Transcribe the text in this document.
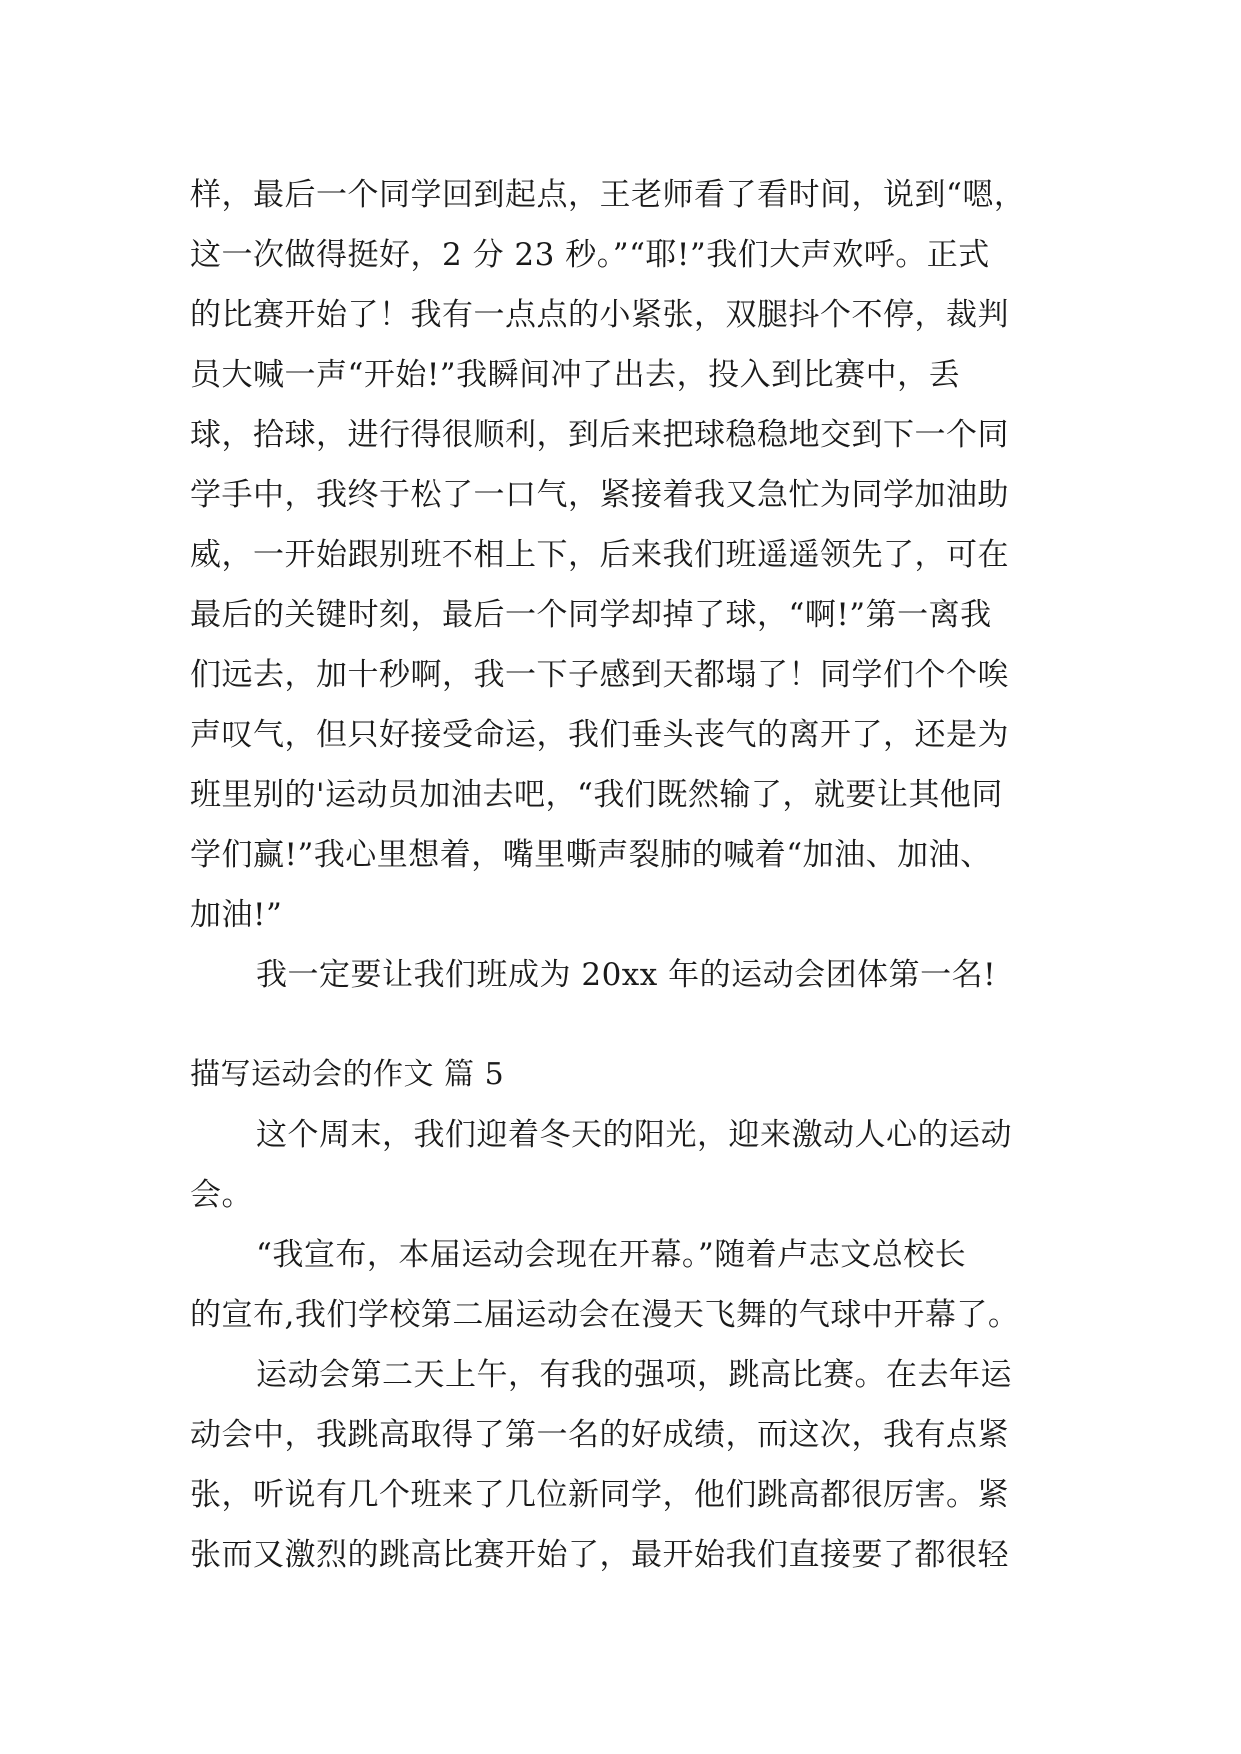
样，最后一个同学回到起点，王老师看了看时间，说到“嗯，
这一次做得挺好，2 分 23 秒。”“耶!”我们大声欢呼。正式
的比赛开始了！我有一点点的小紧张，双腿抖个不停，裁判
员大喊一声“开始!”我瞬间冲了出去，投入到比赛中，丢
球，拾球，进行得很顺利，到后来把球稳稳地交到下一个同
学手中，我终于松了一口气，紧接着我又急忙为同学加油助
威，一开始跟别班不相上下，后来我们班遥遥领先了，可在
最后的关键时刻，最后一个同学却掉了球，“啊!”第一离我
们远去，加十秒啊，我一下子感到天都塌了！同学们个个唉
声叹气，但只好接受命运，我们垂头丧气的离开了，还是为
班里别的'运动员加油去吧，“我们既然输了，就要让其他同
学们赢!”我心里想着，嘴里嘶声裂肺的喊着“加油、加油、
加油!”
我一定要让我们班成为 20xx 年的运动会团体第一名!
描写运动会的作文 篇 5
这个周末，我们迎着冬天的阳光，迎来激动人心的运动
会。
“我宣布，本届运动会现在开幕。”随着卢志文总校长
的宣布,我们学校第二届运动会在漫天飞舞的气球中开幕了。
运动会第二天上午，有我的强项，跳高比赛。在去年运
动会中，我跳高取得了第一名的好成绩，而这次，我有点紧
张，听说有几个班来了几位新同学，他们跳高都很厉害。紧
张而又激烈的跳高比赛开始了，最开始我们直接要了都很轻
